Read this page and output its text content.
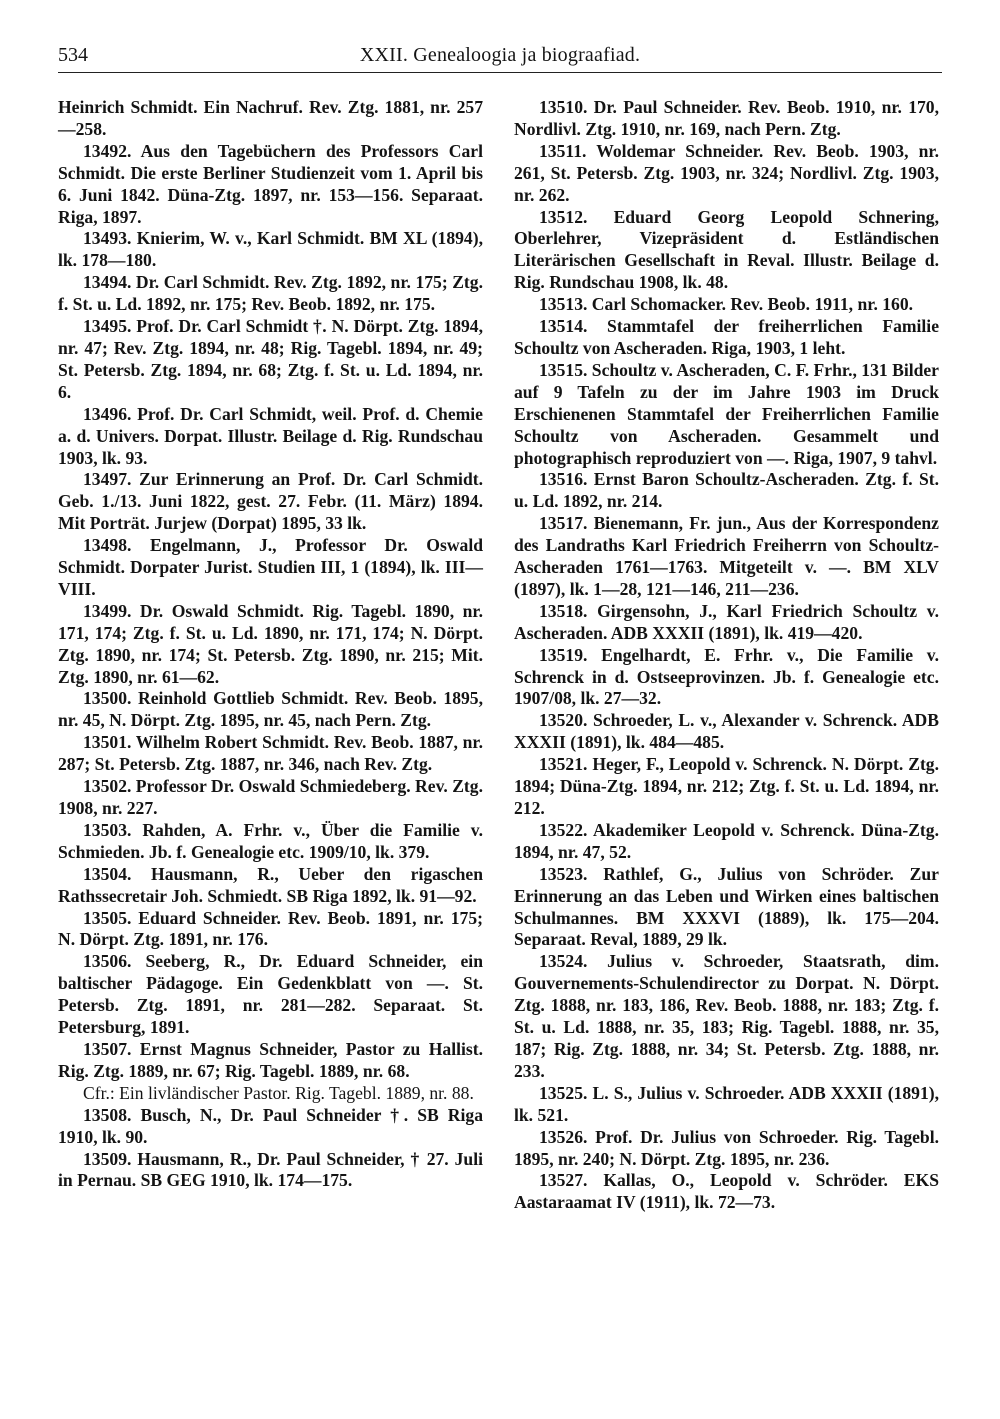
534	XXII. Genealoogia ja biograafiad.

Heinrich Schmidt. Ein Nachruf. Rev. Ztg. 1881, nr. 257—258.

13492. Aus den Tagebüchern des Professors Carl Schmidt. Die erste Berliner Studienzeit vom 1. April bis 6. Juni 1842. Düna-Ztg. 1897, nr. 153—156. Separaat. Riga, 1897.

13493. Knierim, W. v., Karl Schmidt. BM XL (1894), lk. 178—180.

13494. Dr. Carl Schmidt. Rev. Ztg. 1892, nr. 175; Ztg. f. St. u. Ld. 1892, nr. 175; Rev. Beob. 1892, nr. 175.

13495. Prof. Dr. Carl Schmidt †. N. Dörpt. Ztg. 1894, nr. 47; Rev. Ztg. 1894, nr. 48; Rig. Tagebl. 1894, nr. 49; St. Petersb. Ztg. 1894, nr. 68; Ztg. f. St. u. Ld. 1894, nr. 6.

13496. Prof. Dr. Carl Schmidt, weil. Prof. d. Chemie a. d. Univers. Dorpat. Illustr. Beilage d. Rig. Rundschau 1903, lk. 93.

13497. Zur Erinnerung an Prof. Dr. Carl Schmidt. Geb. 1./13. Juni 1822, gest. 27. Febr. (11. März) 1894. Mit Porträt. Jurjew (Dorpat) 1895, 33 lk.

13498. Engelmann, J., Professor Dr. Oswald Schmidt. Dorpater Jurist. Studien III, 1 (1894), lk. III—VIII.

13499. Dr. Oswald Schmidt. Rig. Tagebl. 1890, nr. 171, 174; Ztg. f. St. u. Ld. 1890, nr. 171, 174; N. Dörpt. Ztg. 1890, nr. 174; St. Petersb. Ztg. 1890, nr. 215; Mit. Ztg. 1890, nr. 61—62.

13500. Reinhold Gottlieb Schmidt. Rev. Beob. 1895, nr. 45, N. Dörpt. Ztg. 1895, nr. 45, nach Pern. Ztg.

13501. Wilhelm Robert Schmidt. Rev. Beob. 1887, nr. 287; St. Petersb. Ztg. 1887, nr. 346, nach Rev. Ztg.

13502. Professor Dr. Oswald Schmiedeberg. Rev. Ztg. 1908, nr. 227.

13503. Rahden, A. Frhr. v., Über die Familie v. Schmieden. Jb. f. Genealogie etc. 1909/10, lk. 379.

13504. Hausmann, R., Ueber den rigaschen Rathssecretair Joh. Schmiedt. SB Riga 1892, lk. 91—92.

13505. Eduard Schneider. Rev. Beob. 1891, nr. 175; N. Dörpt. Ztg. 1891, nr. 176.

13506. Seeberg, R., Dr. Eduard Schneider, ein baltischer Pädagoge. Ein Gedenkblatt von —. St. Petersb. Ztg. 1891, nr. 281—282. Separaat. St. Petersburg, 1891.

13507. Ernst Magnus Schneider, Pastor zu Hallist. Rig. Ztg. 1889, nr. 67; Rig. Tagebl. 1889, nr. 68.

Cfr.: Ein livländischer Pastor. Rig. Tagebl. 1889, nr. 88.

13508. Busch, N., Dr. Paul Schneider †. SB Riga 1910, lk. 90.

13509. Hausmann, R., Dr. Paul Schneider, † 27. Juli in Pernau. SB GEG 1910, lk. 174—175.

13510. Dr. Paul Schneider. Rev. Beob. 1910, nr. 170, Nordlivl. Ztg. 1910, nr. 169, nach Pern. Ztg.

13511. Woldemar Schneider. Rev. Beob. 1903, nr. 261, St. Petersb. Ztg. 1903, nr. 324; Nordlivl. Ztg. 1903, nr. 262.

13512. Eduard Georg Leopold Schnering, Oberlehrer, Vizepräsident d. Estländischen Literärischen Gesellschaft in Reval. Illustr. Beilage d. Rig. Rundschau 1908, lk. 48.

13513. Carl Schomacker. Rev. Beob. 1911, nr. 160.

13514. Stammtafel der freiherrlichen Familie Schoultz von Ascheraden. Riga, 1903, 1 leht.

13515. Schoultz v. Ascheraden, C. F. Frhr., 131 Bilder auf 9 Tafeln zu der im Jahre 1903 im Druck Erschienenen Stammtafel der Freiherrlichen Familie Schoultz von Ascheraden. Gesammelt und photographisch reproduziert von —. Riga, 1907, 9 tahvl.

13516. Ernst Baron Schoultz-Ascheraden. Ztg. f. St. u. Ld. 1892, nr. 214.

13517. Bienemann, Fr. jun., Aus der Korrespondenz des Landraths Karl Friedrich Freiherrn von Schoultz-Ascheraden 1761—1763. Mitgeteilt v. —. BM XLV (1897), lk. 1—28, 121—146, 211—236.

13518. Girgensohn, J., Karl Friedrich Schoultz v. Ascheraden. ADB XXXII (1891), lk. 419—420.

13519. Engelhardt, E. Frhr. v., Die Familie v. Schrenck in d. Ostseeprovinzen. Jb. f. Genealogie etc. 1907/08, lk. 27—32.

13520. Schroeder, L. v., Alexander v. Schrenck. ADB XXXII (1891), lk. 484—485.

13521. Heger, F., Leopold v. Schrenck. N. Dörpt. Ztg. 1894; Düna-Ztg. 1894, nr. 212; Ztg. f. St. u. Ld. 1894, nr. 212.

13522. Akademiker Leopold v. Schrenck. Düna-Ztg. 1894, nr. 47, 52.

13523. Rathlef, G., Julius von Schröder. Zur Erinnerung an das Leben und Wirken eines baltischen Schulmannes. BM XXXVI (1889), lk. 175—204. Separaat. Reval, 1889, 29 lk.

13524. Julius v. Schroeder, Staatsrath, dim. Gouvernements-Schulendirector zu Dorpat. N. Dörpt. Ztg. 1888, nr. 183, 186, Rev. Beob. 1888, nr. 183; Ztg. f. St. u. Ld. 1888, nr. 35, 183; Rig. Tagebl. 1888, nr. 35, 187; Rig. Ztg. 1888, nr. 34; St. Petersb. Ztg. 1888, nr. 233.

13525. L. S., Julius v. Schroeder. ADB XXXII (1891), lk. 521.

13526. Prof. Dr. Julius von Schroeder. Rig. Tagebl. 1895, nr. 240; N. Dörpt. Ztg. 1895, nr. 236.

13527. Kallas, O., Leopold v. Schröder. EKS Aastaraamat IV (1911), lk. 72—73.
